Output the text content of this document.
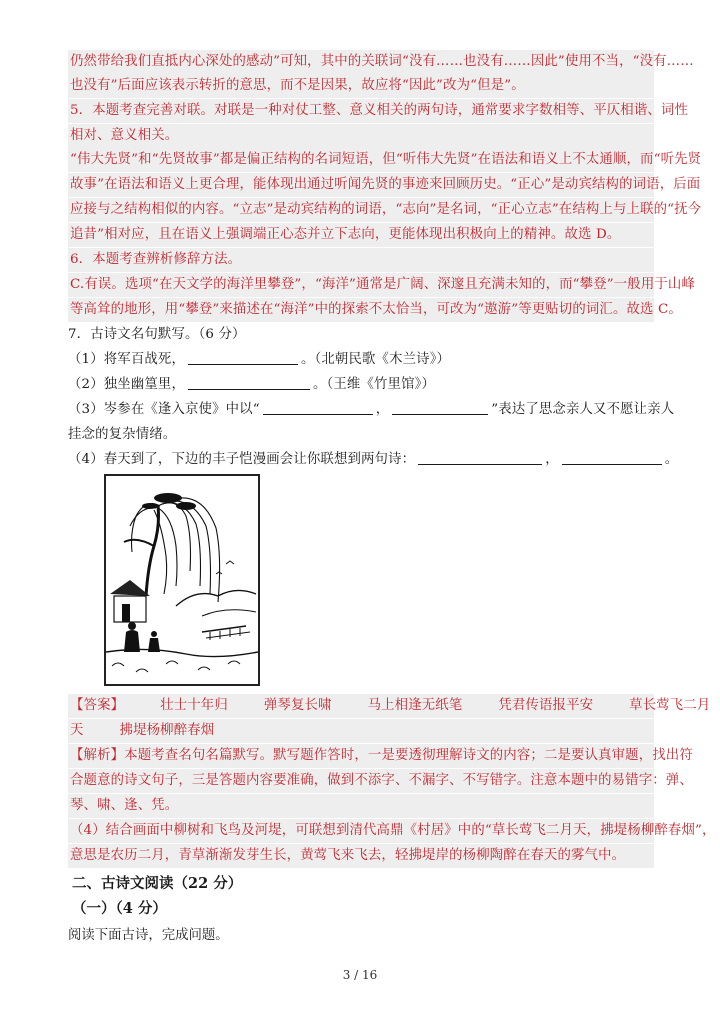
仍然带给我们直抵内心深处的感动”可知，其中的关联词“没有……也没有……因此”使用不当，“没有……
也没有”后面应该表示转折的意思，而不是因果，故应将“因此”改为“但是”。
5．本题考查完善对联。对联是一种对仗工整、意义相关的两句诗，通常要求字数相等、平仄相谐、词性
相对、意义相关。
“伟大先贤”和“先贤故事”都是偏正结构的名词短语，但“听伟大先贤”在语法和语义上不太通顺，而“听先贤
故事”在语法和语义上更合理，能体现出通过听闻先贤的事迹来回顾历史。“正心”是动宾结构的词语，后面
应接与之结构相似的内容。“立志”是动宾结构的词语，“志向”是名词，“正心立志”在结构上与上联的“抚今
追昔”相对应，且在语义上强调端正心态并立下志向，更能体现出积极向上的精神。故选 D。
6．本题考查辨析修辞方法。
C.有误。选项“在天文学的海洋里攀登”，“海洋”通常是广阔、深邃且充满未知的，而“攀登”一般用于山峰
等高耸的地形，用“攀登”来描述在“海洋”中的探索不太恰当，可改为“遨游”等更贴切的词汇。故选 C。
7．古诗文名句默写。（6 分）
（1）将军百战死，	。（北朝民歌《木兰诗》）
（2）独坐幽篁里，	。（王维《竹里馆》）
（3）岑参在《逢入京使》中以“	，	”表达了思念亲人又不愿让亲人
挂念的复杂情绪。
（4）春天到了，下边的丰子恺漫画会让你联想到两句诗：	，	。
【答案】	壮士十年归	弹琴复长啸	马上相逢无纸笔	凭君传语报平安	草长莺飞二月
天	拂堤杨柳醉春烟
【解析】本题考查名句名篇默写。默写题作答时，一是要透彻理解诗文的内容；二是要认真审题，找出符
合题意的诗文句子，三是答题内容要准确，做到不添字、不漏字、不写错字。注意本题中的易错字：弹、
琴、啸、逢、凭。
（4）结合画面中柳树和飞鸟及河堤，可联想到清代高鼎《村居》中的“草长莺飞二月天，拂堤杨柳醉春烟”，
意思是农历二月，青草渐渐发芽生长，黄莺飞来飞去，轻拂堤岸的杨柳陶醉在春天的雾气中。
二、古诗文阅读（22 分）
（一）（4 分）
阅读下面古诗，完成问题。
3 / 16
